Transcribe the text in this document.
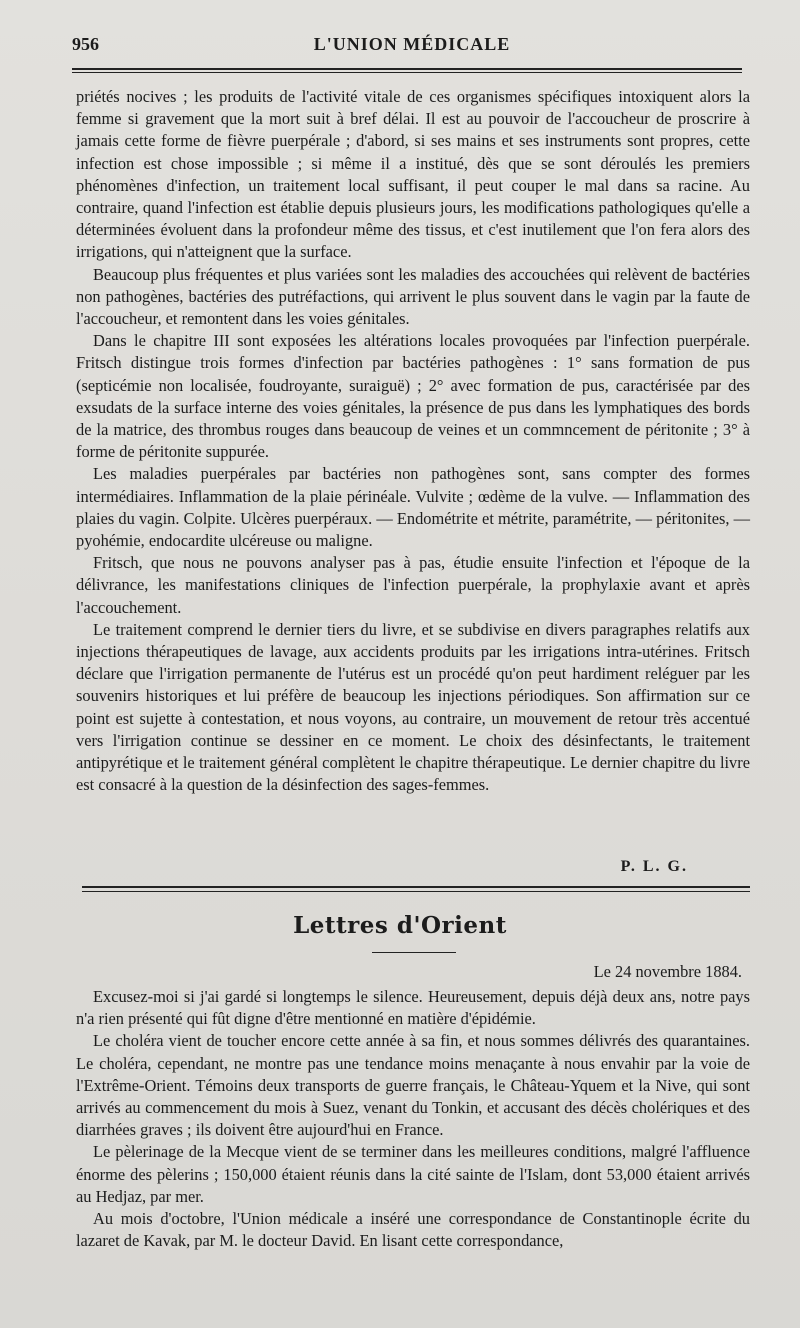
956	L'UNION MÉDICALE

priétés nocives ; les produits de l'activité vitale de ces organismes spécifiques intoxiquent alors la femme si gravement que la mort suit à bref délai. Il est au pouvoir de l'accoucheur de proscrire à jamais cette forme de fièvre puerpérale ; d'abord, si ses mains et ses instruments sont propres, cette infection est chose impossible ; si même il a institué, dès que se sont déroulés les premiers phénomènes d'infection, un traitement local suffisant, il peut couper le mal dans sa racine. Au contraire, quand l'infection est établie depuis plusieurs jours, les modifications pathologiques qu'elle a déterminées évoluent dans la profondeur même des tissus, et c'est inutilement que l'on fera alors des irrigations, qui n'atteignent que la surface.

Beaucoup plus fréquentes et plus variées sont les maladies des accouchées qui relèvent de bactéries non pathogènes, bactéries des putréfactions, qui arrivent le plus souvent dans le vagin par la faute de l'accoucheur, et remontent dans les voies génitales.

Dans le chapitre III sont exposées les altérations locales provoquées par l'infection puerpérale. Fritsch distingue trois formes d'infection par bactéries pathogènes : 1° sans formation de pus (septicémie non localisée, foudroyante, suraiguë) ; 2° avec formation de pus, caractérisée par des exsudats de la surface interne des voies génitales, la présence de pus dans les lymphatiques des bords de la matrice, des thrombus rouges dans beaucoup de veines et un commncement de péritonite ; 3° à forme de péritonite suppurée.

Les maladies puerpérales par bactéries non pathogènes sont, sans compter des formes intermédiaires. Inflammation de la plaie périnéale. Vulvite ; œdème de la vulve. — Inflammation des plaies du vagin. Colpite. Ulcères puerpéraux. — Endométrite et métrite, paramétrite, — péritonites, — pyohémie, endocardite ulcéreuse ou maligne.

Fritsch, que nous ne pouvons analyser pas à pas, étudie ensuite l'infection et l'époque de la délivrance, les manifestations cliniques de l'infection puerpérale, la prophylaxie avant et après l'accouchement.

Le traitement comprend le dernier tiers du livre, et se subdivise en divers paragraphes relatifs aux injections thérapeutiques de lavage, aux accidents produits par les irrigations intra-utérines. Fritsch déclare que l'irrigation permanente de l'utérus est un procédé qu'on peut hardiment reléguer par les souvenirs historiques et lui préfère de beaucoup les injections périodiques. Son affirmation sur ce point est sujette à contestation, et nous voyons, au contraire, un mouvement de retour très accentué vers l'irrigation continue se dessiner en ce moment. Le choix des désinfectants, le traitement antipyrétique et le traitement général complètent le chapitre thérapeutique. Le dernier chapitre du livre est consacré à la question de la désinfection des sages-femmes.

P. L. G.
Lettres d'Orient
Le 24 novembre 1884.

Excusez-moi si j'ai gardé si longtemps le silence. Heureusement, depuis déjà deux ans, notre pays n'a rien présenté qui fût digne d'être mentionné en matière d'épidémie.

Le choléra vient de toucher encore cette année à sa fin, et nous sommes délivrés des quarantaines. Le choléra, cependant, ne montre pas une tendance moins menaçante à nous envahir par la voie de l'Extrême-Orient. Témoins deux transports de guerre français, le Château-Yquem et la Nive, qui sont arrivés au commencement du mois à Suez, venant du Tonkin, et accusant des décès cholériques et des diarrhées graves ; ils doivent être aujourd'hui en France.

Le pèlerinage de la Mecque vient de se terminer dans les meilleures conditions, malgré l'affluence énorme des pèlerins ; 150,000 étaient réunis dans la cité sainte de l'Islam, dont 53,000 étaient arrivés au Hedjaz, par mer.

Au mois d'octobre, l'Union médicale a inséré une correspondance de Constantinople écrite du lazaret de Kavak, par M. le docteur David. En lisant cette correspondance,
